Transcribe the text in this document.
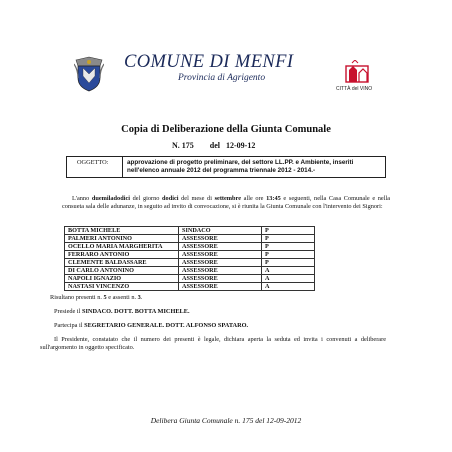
COMUNE DI MENFI
Provincia di Agrigento
CITTÀ del VINO
Copia di Deliberazione della Giunta Comunale
N. 175 del   12-09-12
OGGETTO:	approvazione di progetto preliminare, del settore LL.PP. e Ambiente, inseriti nell'elenco annuale 2012 del programma triennale 2012 - 2014.-
L'anno duemiladodici del giorno dodici del mese di settembre alle ore 13:45 e seguenti, nella Casa Comunale e nella consueta sala delle adunanze, in seguito ad invito di convocazione, si è riunita la Giunta Comunale con l'intervento dei Signori:
BOTTA MICHELE	SINDACO	P
PALMERI ANTONINO	ASSESSORE	P
OCELLO MARIA MARGHERITA	ASSESSORE	P
FERRARO ANTONIO	ASSESSORE	P
CLEMENTE BALDASSARE	ASSESSORE	P
DI CARLO ANTONINO	ASSESSORE	A
NAPOLI IGNAZIO	ASSESSORE	A
NASTASI VINCENZO	ASSESSORE	A
Risultano presenti n. 5 e assenti n. 3.
Presiede il SINDACO. DOTT. BOTTA MICHELE.
Partecipa il SEGRETARIO GENERALE. DOTT. ALFONSO SPATARO.
Il Presidente, constatato che il numero dei presenti è legale, dichiara aperta la seduta ed invita i convenuti a deliberare sull'argomento in oggetto specificato.
Delibera Giunta Comunale n. 175 del 12-09-2012
